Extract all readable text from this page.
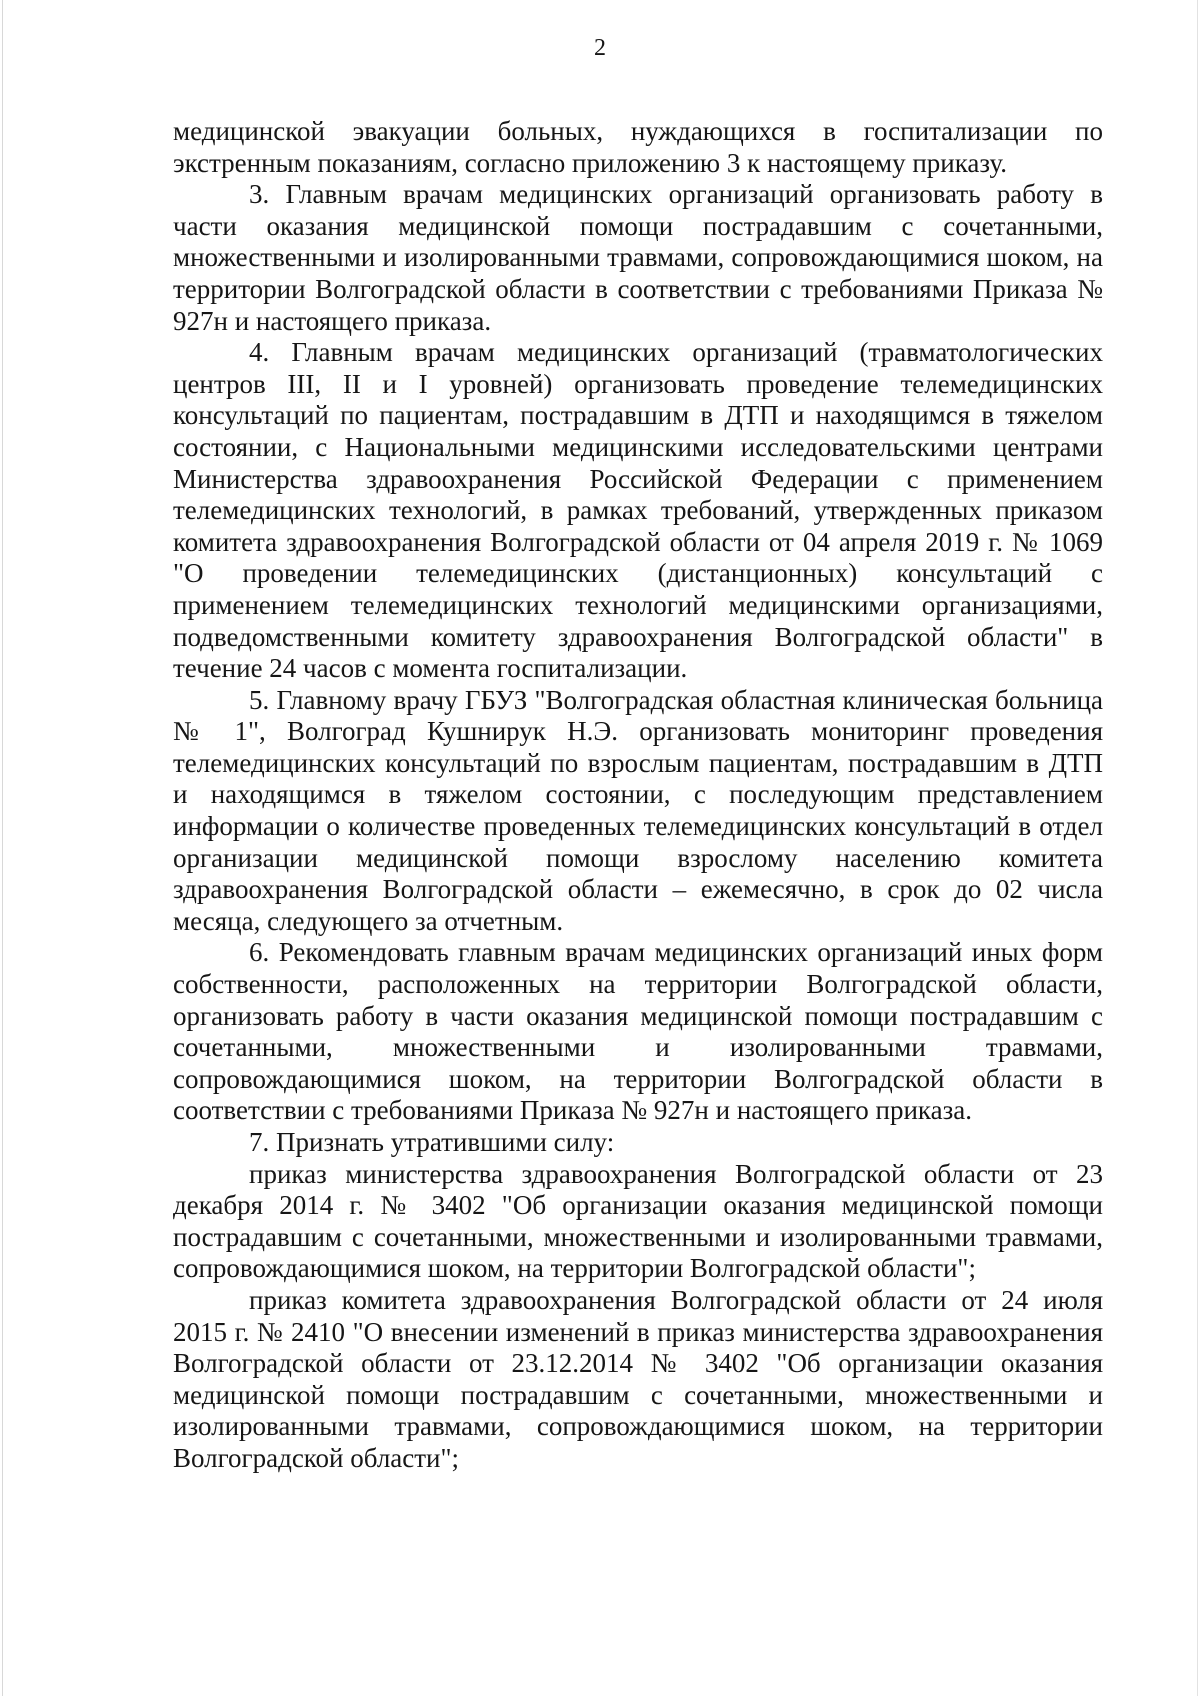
2

медицинской эвакуации больных, нуждающихся в госпитализации по экстренным показаниям, согласно приложению 3 к настоящему приказу.

3. Главным врачам медицинских организаций организовать работу в части оказания медицинской помощи пострадавшим с сочетанными, множественными и изолированными травмами, сопровождающимися шоком, на территории Волгоградской области в соответствии с требованиями Приказа № 927н и настоящего приказа.

4. Главным врачам медицинских организаций (травматологических центров III, II и I уровней) организовать проведение телемедицинских консультаций по пациентам, пострадавшим в ДТП и находящимся в тяжелом состоянии, с Национальными медицинскими исследовательскими центрами Министерства здравоохранения Российской Федерации с применением телемедицинских технологий, в рамках требований, утвержденных приказом комитета здравоохранения Волгоградской области от 04 апреля 2019 г. № 1069 "О проведении телемедицинских (дистанционных) консультаций с применением телемедицинских технологий медицинскими организациями, подведомственными комитету здравоохранения Волгоградской области" в течение 24 часов с момента госпитализации.

5. Главному врачу ГБУЗ "Волгоградская областная клиническая больница № 1", Волгоград Кушнирук Н.Э. организовать мониторинг проведения телемедицинских консультаций по взрослым пациентам, пострадавшим в ДТП и находящимся в тяжелом состоянии, с последующим представлением информации о количестве проведенных телемедицинских консультаций в отдел организации медицинской помощи взрослому населению комитета здравоохранения Волгоградской области – ежемесячно, в срок до 02 числа месяца, следующего за отчетным.

6. Рекомендовать главным врачам медицинских организаций иных форм собственности, расположенных на территории Волгоградской области, организовать работу в части оказания медицинской помощи пострадавшим с сочетанными, множественными и изолированными травмами, сопровождающимися шоком, на территории Волгоградской области в соответствии с требованиями Приказа № 927н и настоящего приказа.

7. Признать утратившими силу:

приказ министерства здравоохранения Волгоградской области от 23 декабря 2014 г. № 3402 "Об организации оказания медицинской помощи пострадавшим с сочетанными, множественными и изолированными травмами, сопровождающимися шоком, на территории Волгоградской области";

приказ комитета здравоохранения Волгоградской области от 24 июля 2015 г. № 2410 "О внесении изменений в приказ министерства здравоохранения Волгоградской области от 23.12.2014 № 3402 "Об организации оказания медицинской помощи пострадавшим с сочетанными, множественными и изолированными травмами, сопровождающимися шоком, на территории Волгоградской области";
